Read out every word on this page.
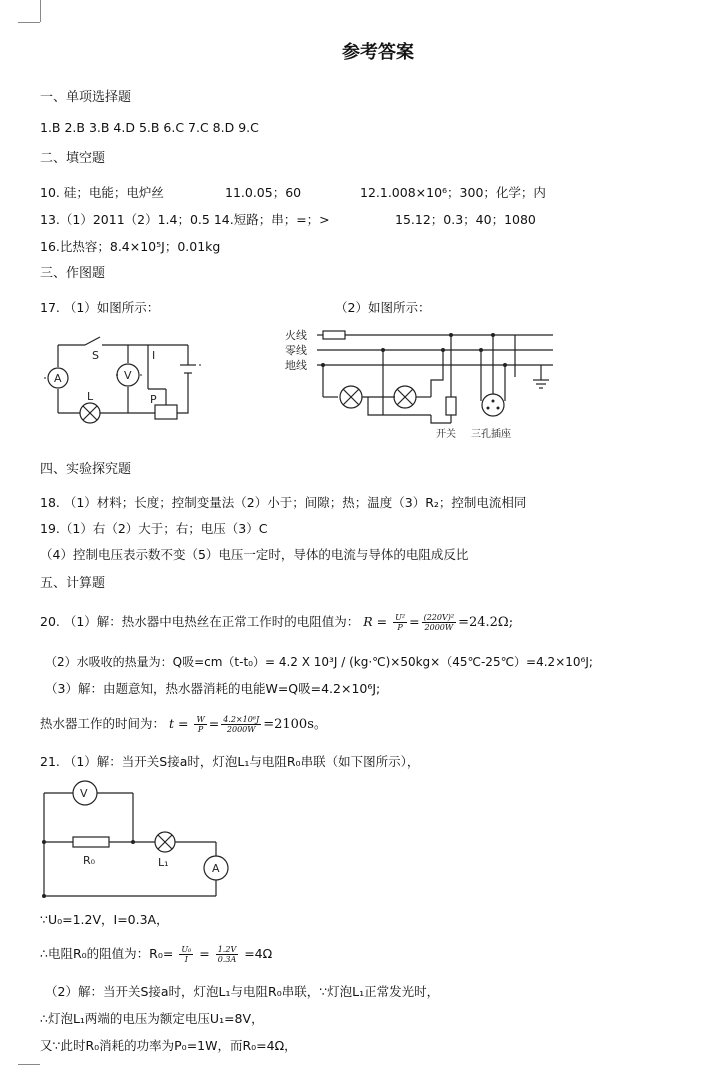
参考答案
一、单项选择题
1.B 2.B 3.B 4.D 5.B 6.C 7.C 8.D 9.C
二、填空题
10. 硅；电能；电炉丝	11.0.05；60	12.1.008×10⁶；300；化学；内
13.（1）2011（2）1.4；0.5 14.短路；串；=；>	15.12；0.3；40；1080
16.比热容；8.4×10⁵J；0.01kg
三、作图题
17. （1）如图所示：	（2）如图所示：
A	V
S	I
L	P
火线
零线
地线
开关 三孔插座
四、实验探究题
18. （1）材料；长度；控制变量法（2）小于；间隙；热；温度（3）R₂；控制电流相同
19.（1）右（2）大于；右；电压（3）C
（4）控制电压表示数不变（5）电压一定时，导体的电流与导体的电阻成反比
五、计算题
20. （1）解：热水器中电热丝在正常工作时的电阻值为： $R = \frac{\text{U²}}{P} = \frac{\text{(220V)²}}{2000W} =24.2\Omega$;
（2）水吸收的热量为：Q吸=cm（t-t₀）= 4.2 X 10³J / (kg·℃)×50kg×（45℃-25℃）=4.2×10⁶J;
（3）解：由题意知，热水器消耗的电能W=Q吸=4.2×10⁶J;
热水器工作的时间为： $t = \frac{W}{P} = \frac{\text{4.2×10⁶J}}{2000W} =2100s$。
21. （1）解：当开关S接a时，灯泡L₁与电阻R₀串联（如下图所示），
V
R₀	L₁	A
∵U₀=1.2V，I=0.3A，
∴电阻R₀的阻值为：$R_0= \frac{\text{U₀}}{I} = \frac{1.2V}{0.3A} =4\Omega$
（2）解：当开关S接a时，灯泡L₁与电阻R₀串联，∵灯泡L₁正常发光时，
∴灯泡L₁两端的电压为额定电压U₁=8V，
又∵此时R₀消耗的功率为P₀=1W，而R₀=4Ω，
